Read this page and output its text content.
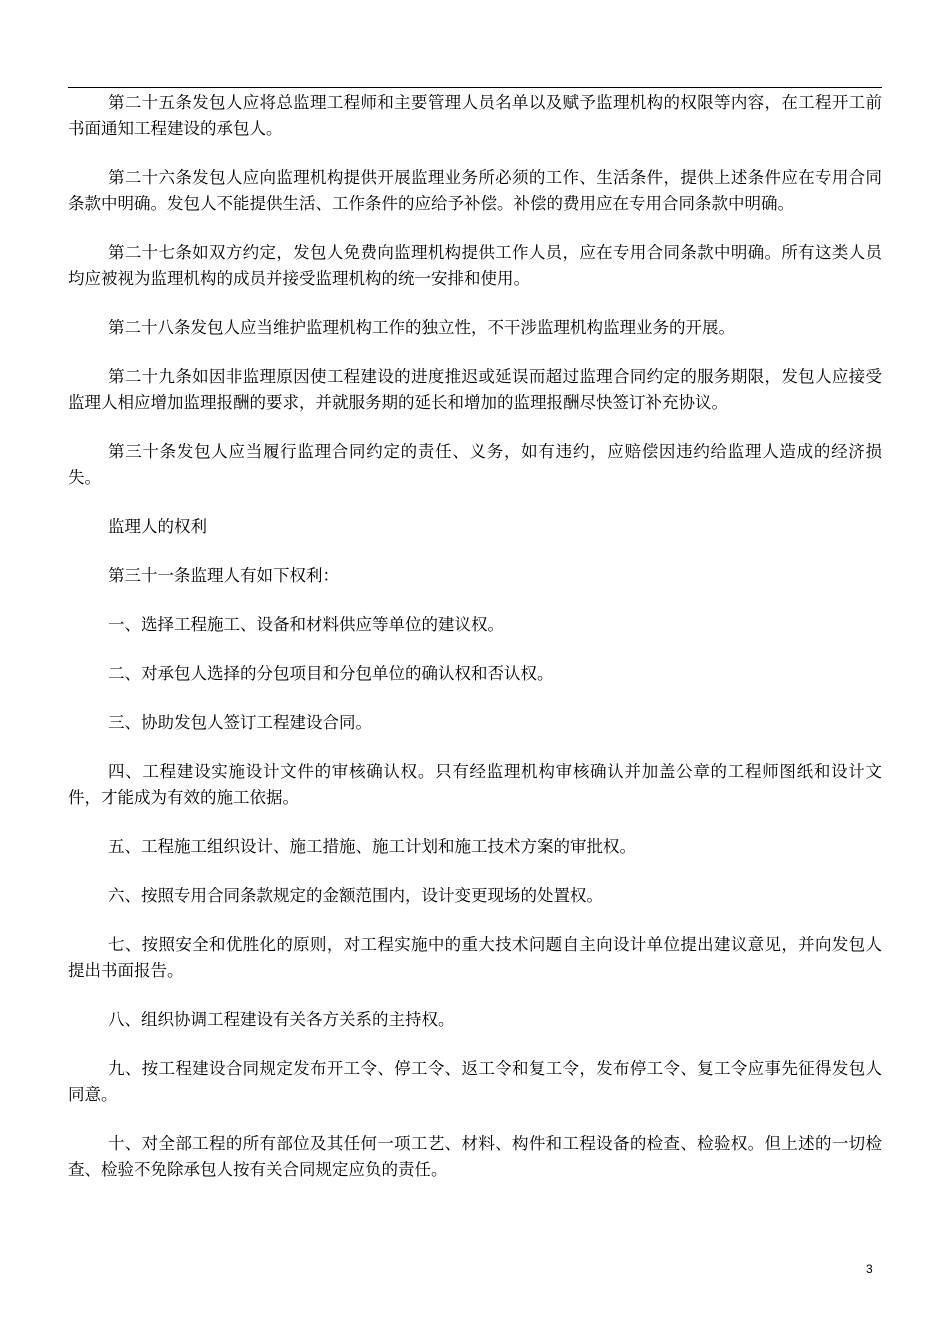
第二十五条发包人应将总监理工程师和主要管理人员名单以及赋予监理机构的权限等内容，在工程开工前书面通知工程建设的承包人。

第二十六条发包人应向监理机构提供开展监理业务所必须的工作、生活条件，提供上述条件应在专用合同条款中明确。发包人不能提供生活、工作条件的应给予补偿。补偿的费用应在专用合同条款中明确。

第二十七条如双方约定，发包人免费向监理机构提供工作人员，应在专用合同条款中明确。所有这类人员均应被视为监理机构的成员并接受监理机构的统一安排和使用。

第二十八条发包人应当维护监理机构工作的独立性，不干涉监理机构监理业务的开展。

第二十九条如因非监理原因使工程建设的进度推迟或延误而超过监理合同约定的服务期限，发包人应接受监理人相应增加监理报酬的要求，并就服务期的延长和增加的监理报酬尽快签订补充协议。

第三十条发包人应当履行监理合同约定的责任、义务，如有违约，应赔偿因违约给监理人造成的经济损失。

监理人的权利

第三十一条监理人有如下权利：

一、选择工程施工、设备和材料供应等单位的建议权。

二、对承包人选择的分包项目和分包单位的确认权和否认权。

三、协助发包人签订工程建设合同。

四、工程建设实施设计文件的审核确认权。只有经监理机构审核确认并加盖公章的工程师图纸和设计文件，才能成为有效的施工依据。

五、工程施工组织设计、施工措施、施工计划和施工技术方案的审批权。

六、按照专用合同条款规定的金额范围内，设计变更现场的处置权。

七、按照安全和优胜化的原则，对工程实施中的重大技术问题自主向设计单位提出建议意见，并向发包人提出书面报告。

八、组织协调工程建设有关各方关系的主持权。

九、按工程建设合同规定发布开工令、停工令、返工令和复工令，发布停工令、复工令应事先征得发包人同意。

十、对全部工程的所有部位及其任何一项工艺、材料、构件和工程设备的检查、检验权。但上述的一切检查、检验不免除承包人按有关合同规定应负的责任。

3
